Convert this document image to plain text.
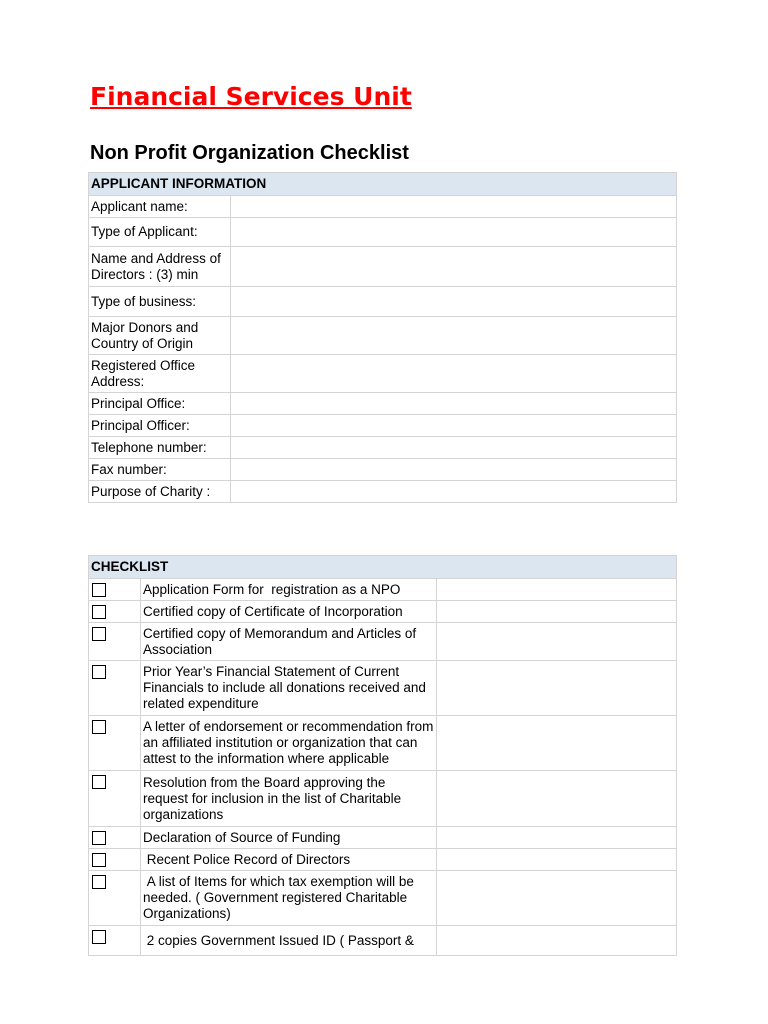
Financial Services Unit
Non Profit Organization Checklist
APPLICANT INFORMATION	
Applicant name:	
Type of Applicant:	
Name and Address of Directors : (3) min	
Type of business:	
Major Donors and Country of Origin	
Registered Office Address:	
Principal Office:	
Principal Officer:	
Telephone number:	
Fax number:	
Purpose of Charity :	
CHECKLIST		
	Application Form for  registration as a NPO	
	Certified copy of Certificate of Incorporation	
	Certified copy of Memorandum and Articles of Association	
	Prior Year’s Financial Statement of Current Financials to include all donations received and related expenditure	
	A letter of endorsement or recommendation from an affiliated institution or organization that can attest to the information where applicable	
	Resolution from the Board approving the request for inclusion in the list of Charitable organizations	
	Declaration of Source of Funding	
	Recent Police Record of Directors	
	A list of Items for which tax exemption will be needed. ( Government registered Charitable Organizations)	
	2 copies Government Issued ID ( Passport &	
